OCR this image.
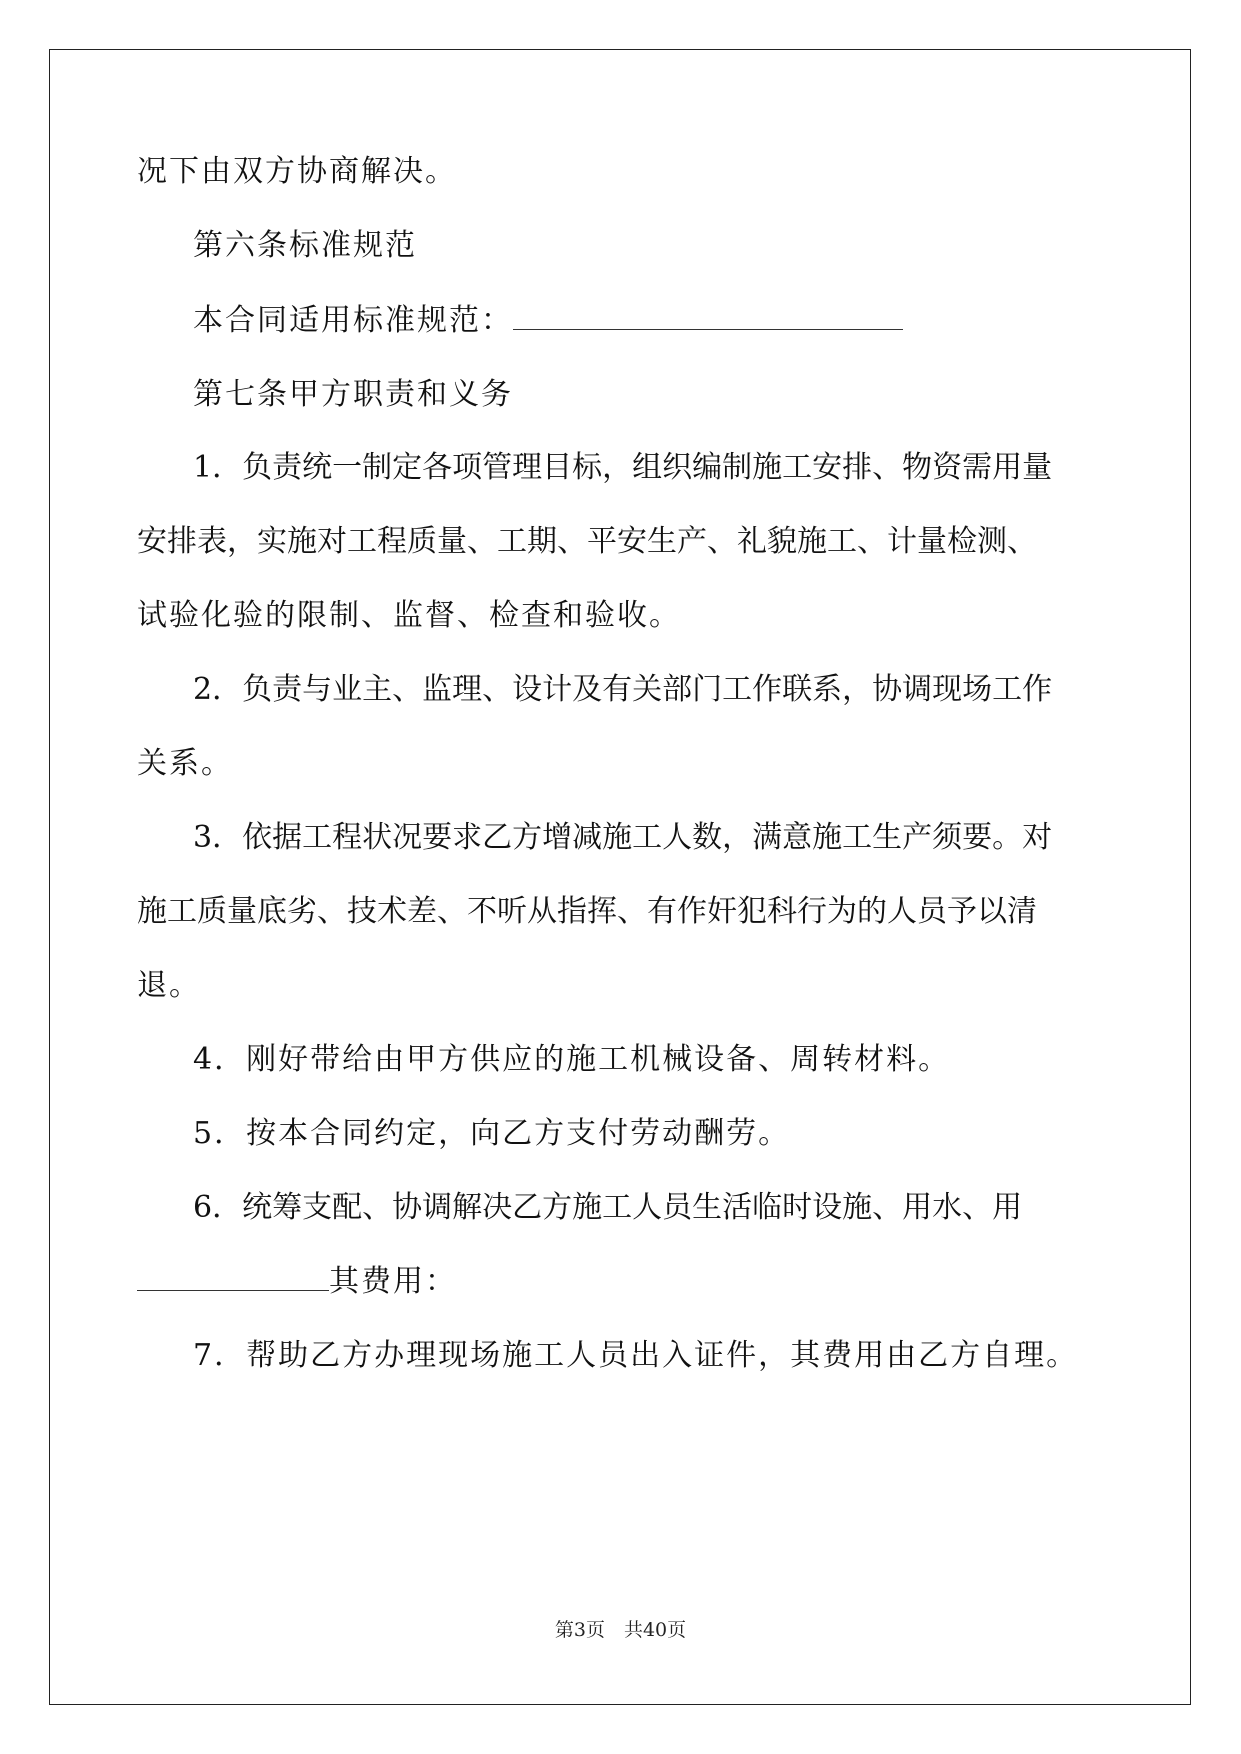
况下由双方协商解决。
第六条标准规范
本合同适用标准规范：
第七条甲方职责和义务
1 ． 负 责 统 一 制 定 各 项 管 理 目 标 ， 组 织 编 制 施 工 安 排 、 物 资 需 用 量
安 排 表 ， 实 施 对 工 程 质 量 、 工 期 、 平 安 生 产 、 礼 貌 施 工 、 计 量 检 测 、
试验化验的限制、监督、检查和验收。
2 ． 负 责 与 业 主 、 监 理 、 设 计 及 有 关 部 门 工 作 联 系 ， 协 调 现 场 工 作
关系。
3 ． 依 据 工 程 状 况 要 求 乙 方 增 减 施 工 人 数 ， 满 意 施 工 生 产 须 要 。 对
施 工 质 量 底 劣 、 技 术 差 、 不 听 从 指 挥 、 有 作 奸 犯 科 行 为 的 人 员 予 以 清
退。
4．刚好带给由甲方供应的施工机械设备、周转材料。
5．按本合同约定，向乙方支付劳动酬劳。
6 ． 统 筹 支 配 、 协 调 解 决 乙 方 施 工 人 员 生 活 临 时 设 施 、 用 水 、 用
其费用：
7．帮助乙方办理现场施工人员出入证件，其费用由乙方自理。
第3页　共40页
